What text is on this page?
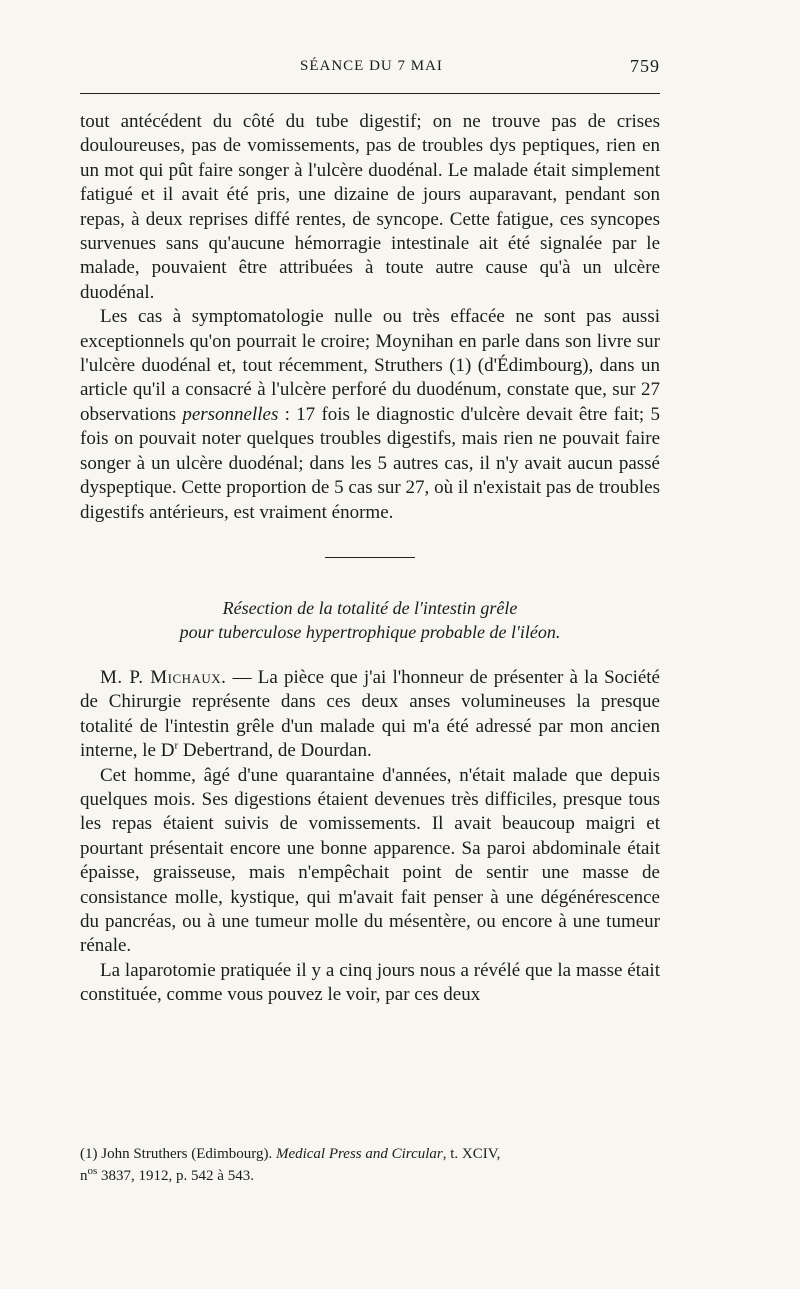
SÉANCE DU 7 MAI	759

tout antécédent du côté du tube digestif; on ne trouve pas de crises douloureuses, pas de vomissements, pas de troubles dys peptiques, rien en un mot qui pût faire songer à l'ulcère duodénal. Le malade était simplement fatigué et il avait été pris, une dizaine de jours auparavant, pendant son repas, à deux reprises diffé rentes, de syncope. Cette fatigue, ces syncopes survenues sans qu'aucune hémorragie intestinale ait été signalée par le malade, pouvaient être attribuées à toute autre cause qu'à un ulcère duodénal.

Les cas à symptomatologie nulle ou très effacée ne sont pas aussi exceptionnels qu'on pourrait le croire; Moynihan en parle dans son livre sur l'ulcère duodénal et, tout récemment, Struthers (1) (d'Édimbourg), dans un article qu'il a consacré à l'ulcère perforé du duodénum, constate que, sur 27 observations personnelles : 17 fois le diagnostic d'ulcère devait être fait; 5 fois on pouvait noter quelques troubles digestifs, mais rien ne pouvait faire songer à un ulcère duodénal; dans les 5 autres cas, il n'y avait aucun passé dyspeptique. Cette proportion de 5 cas sur 27, où il n'existait pas de troubles digestifs antérieurs, est vraiment énorme.

Résection de la totalité de l'intestin grêle
pour tuberculose hypertrophique probable de l'iléon.

M. P. Michaux. — La pièce que j'ai l'honneur de présenter à la Société de Chirurgie représente dans ces deux anses volumineuses la presque totalité de l'intestin grêle d'un malade qui m'a été adressé par mon ancien interne, le $D^r$ Debertrand, de Dourdan.

Cet homme, âgé d'une quarantaine d'années, n'était malade que depuis quelques mois. Ses digestions étaient devenues très difficiles, presque tous les repas étaient suivis de vomissements. Il avait beaucoup maigri et pourtant présentait encore une bonne apparence. Sa paroi abdominale était épaisse, graisseuse, mais n'empêchait point de sentir une masse de consistance molle, kystique, qui m'avait fait penser à une dégénérescence du pancréas, ou à une tumeur molle du mésentère, ou encore à une tumeur rénale.

La laparotomie pratiquée il y a cinq jours nous a révélé que la masse était constituée, comme vous pouvez le voir, par ces deux

(1) John Struthers (Edimbourg). Medical Press and Circular, t. XCIV,
$n^{os}$ 3837, 1912, p. 542 à 543.
